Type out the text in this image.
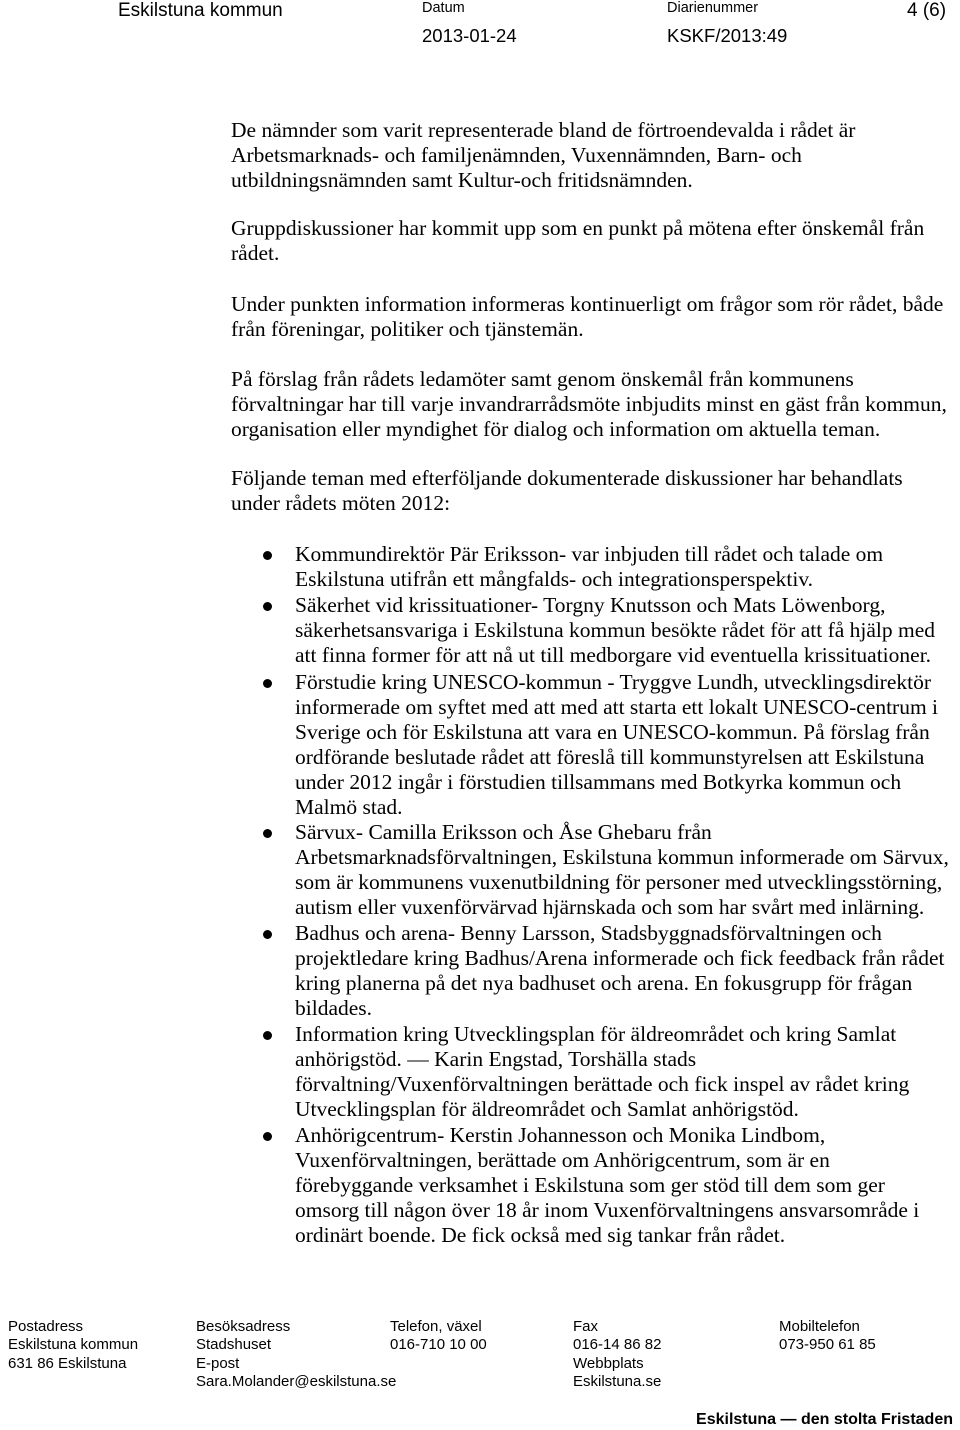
Eskilstuna kommun	Datum
2013-01-24
Diarienummer
KSKF/2013:49
4 (6)
De nämnder som varit representerade bland de förtroendevalda i rådet är
Arbetsmarknads- och familjenämnden, Vuxennämnden, Barn- och
utbildningsnämnden samt Kultur-och fritidsnämnden.
Gruppdiskussioner har kommit upp som en punkt på mötena efter önskemål från
rådet.
Under punkten information informeras kontinuerligt om frågor som rör rådet, både
från föreningar, politiker och tjänstemän.
På förslag från rådets ledamöter samt genom önskemål från kommunens
förvaltningar har till varje invandrarrådsmöte inbjudits minst en gäst från kommun,
organisation eller myndighet för dialog och information om aktuella teman.
Följande teman med efterföljande dokumenterade diskussioner har behandlats
under rådets möten 2012:
Kommundirektör Pär Eriksson- var inbjuden till rådet och talade om
Eskilstuna utifrån ett mångfalds- och integrationsperspektiv.
Säkerhet vid krissituationer- Torgny Knutsson och Mats Löwenborg,
säkerhetsansvariga i Eskilstuna kommun besökte rådet för att få hjälp med
att finna former för att nå ut till medborgare vid eventuella krissituationer.
Förstudie kring UNESCO-kommun - Tryggve Lundh, utvecklingsdirektör
informerade om syftet med att med att starta ett lokalt UNESCO-centrum i
Sverige och för Eskilstuna att vara en UNESCO-kommun. På förslag från
ordförande beslutade rådet att föreslå till kommunstyrelsen att Eskilstuna
under 2012 ingår i förstudien tillsammans med Botkyrka kommun och
Malmö stad.
Särvux- Camilla Eriksson och Åse Ghebaru från
Arbetsmarknadsförvaltningen, Eskilstuna kommun informerade om Särvux,
som är kommunens vuxenutbildning för personer med utvecklingsstörning,
autism eller vuxenförvärvad hjärnskada och som har svårt med inlärning.
Badhus och arena- Benny Larsson, Stadsbyggnadsförvaltningen och
projektledare kring Badhus/Arena informerade och fick feedback från rådet
kring planerna på det nya badhuset och arena. En fokusgrupp för frågan
bildades.
Information kring Utvecklingsplan för äldreområdet och kring Samlat
anhörigstöd. — Karin Engstad, Torshälla stads
förvaltning/Vuxenförvaltningen berättade och fick inspel av rådet kring
Utvecklingsplan för äldreområdet och Samlat anhörigstöd.
Anhörigcentrum- Kerstin Johannesson och Monika Lindbom,
Vuxenförvaltningen, berättade om Anhörigcentrum, som är en
förebyggande verksamhet i Eskilstuna som ger stöd till dem som ger
omsorg till någon över 18 år inom Vuxenförvaltningens ansvarsområde i
ordinärt boende. De fick också med sig tankar från rådet.
Postadress
Eskilstuna kommun
631 86 Eskilstuna
Besöksadress
Stadshuset
E-post
Sara.Molander@eskilstuna.se
Telefon, växel
016-710 10 00
Fax
016-14 86 82
Webbplats
Eskilstuna.se
Mobiltelefon
073-950 61 85
Eskilstuna — den stolta Fristaden
